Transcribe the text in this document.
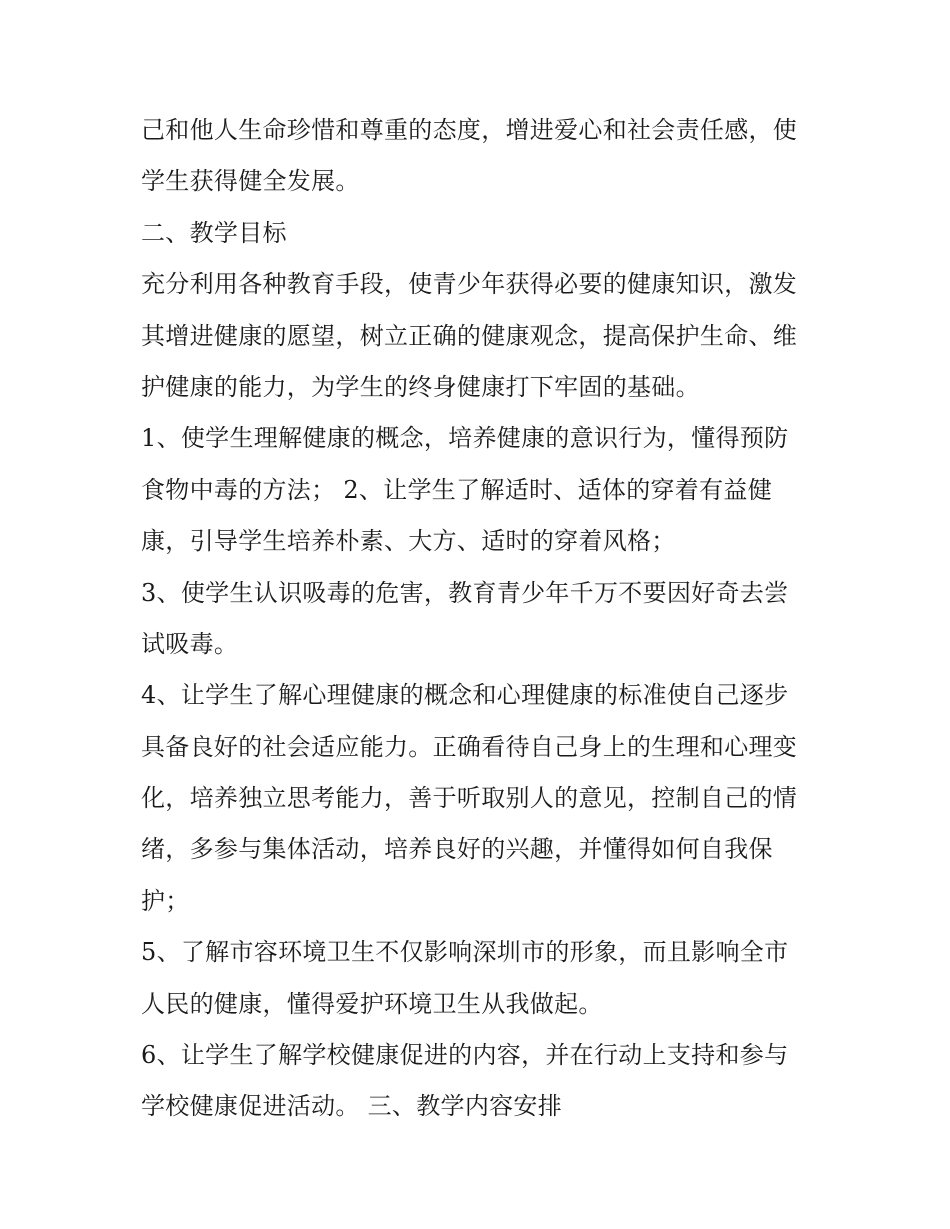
己和他人生命珍惜和尊重的态度，增进爱心和社会责任感，使
学生获得健全发展。
二、教学目标
充分利用各种教育手段，使青少年获得必要的健康知识，激发
其增进健康的愿望，树立正确的健康观念，提高保护生命、维
护健康的能力，为学生的终身健康打下牢固的基础。
1、使学生理解健康的概念，培养健康的意识行为，懂得预防
食物中毒的方法； 2、让学生了解适时、适体的穿着有益健
康，引导学生培养朴素、大方、适时的穿着风格；
3、使学生认识吸毒的危害，教育青少年千万不要因好奇去尝
试吸毒。
4、让学生了解心理健康的概念和心理健康的标准使自己逐步
具备良好的社会适应能力。正确看待自己身上的生理和心理变
化，培养独立思考能力，善于听取别人的意见，控制自己的情
绪，多参与集体活动，培养良好的兴趣，并懂得如何自我保
护；
5、了解市容环境卫生不仅影响深圳市的形象，而且影响全市
人民的健康，懂得爱护环境卫生从我做起。
6、让学生了解学校健康促进的内容，并在行动上支持和参与
学校健康促进活动。 三、教学内容安排
